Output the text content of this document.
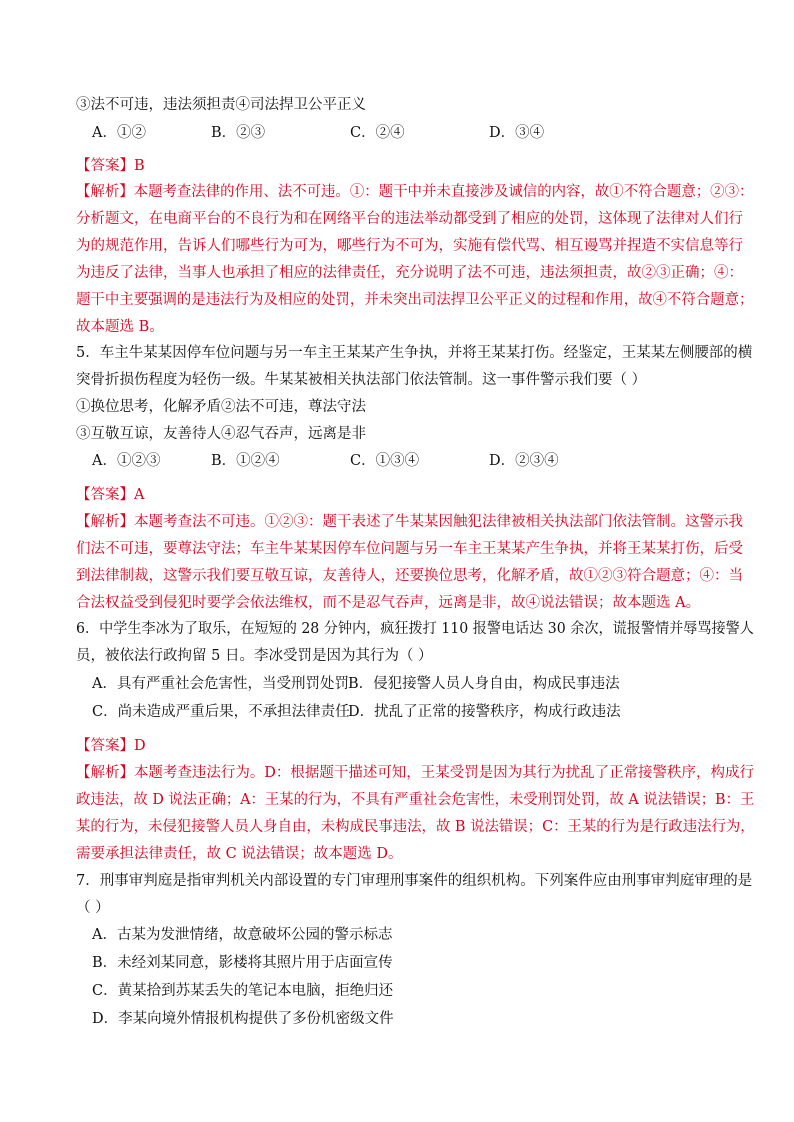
③法不可违，违法须担责④司法捍卫公平正义
A．①②	B．②③	C．②④	D．③④
【答案】B
【解析】本题考查法律的作用、法不可违。①：题干中并未直接涉及诚信的内容，故①不符合题意；②③：
分析题文，在电商平台的不良行为和在网络平台的违法举动都受到了相应的处罚，这体现了法律对人们行
为的规范作用，告诉人们哪些行为可为，哪些行为不可为，实施有偿代骂、相互谩骂并捏造不实信息等行
为违反了法律，当事人也承担了相应的法律责任，充分说明了法不可违，违法须担责，故②③正确；④：
题干中主要强调的是违法行为及相应的处罚，并未突出司法捍卫公平正义的过程和作用，故④不符合题意；
故本题选 B。
5．车主牛某某因停车位问题与另一车主王某某产生争执，并将王某某打伤。经鉴定，王某某左侧腰部的横
突骨折损伤程度为轻伤一级。牛某某被相关执法部门依法管制。这一事件警示我们要（ ）
①换位思考，化解矛盾②法不可违，尊法守法
③互敬互谅，友善待人④忍气吞声，远离是非
A．①②③	B．①②④	C．①③④	D．②③④
【答案】A
【解析】本题考查法不可违。①②③：题干表述了牛某某因触犯法律被相关执法部门依法管制。这警示我
们法不可违，要尊法守法；车主牛某某因停车位问题与另一车主王某某产生争执，并将王某某打伤，后受
到法律制裁，这警示我们要互敬互谅，友善待人，还要换位思考，化解矛盾，故①②③符合题意；④：当
合法权益受到侵犯时要学会依法维权，而不是忍气吞声，远离是非，故④说法错误；故本题选 A。
6．中学生李冰为了取乐，在短短的 28 分钟内，疯狂拨打 110 报警电话达 30 余次，谎报警情并辱骂接警人
员，被依法行政拘留 5 日。李冰受罚是因为其行为（ ）
A．具有严重社会危害性，当受刑罚处罚 B．侵犯接警人员人身自由，构成民事违法
C．尚未造成严重后果，不承担法律责任
D．扰乱了正常的接警秩序，构成行政违法
【答案】D
【解析】本题考查违法行为。D：根据题干描述可知，王某受罚是因为其行为扰乱了正常接警秩序，构成行
政违法，故 D 说法正确；A：王某的行为，不具有严重社会危害性，未受刑罚处罚，故 A 说法错误；B：王
某的行为，未侵犯接警人员人身自由，未构成民事违法，故 B 说法错误；C：王某的行为是行政违法行为，
需要承担法律责任，故 C 说法错误；故本题选 D。
7．刑事审判庭是指审判机关内部设置的专门审理刑事案件的组织机构。下列案件应由刑事审判庭审理的是
（ ）
A．古某为发泄情绪，故意破坏公园的警示标志
B．未经刘某同意，影楼将其照片用于店面宣传
C．黄某拾到苏某丢失的笔记本电脑，拒绝归还
D．李某向境外情报机构提供了多份机密级文件
